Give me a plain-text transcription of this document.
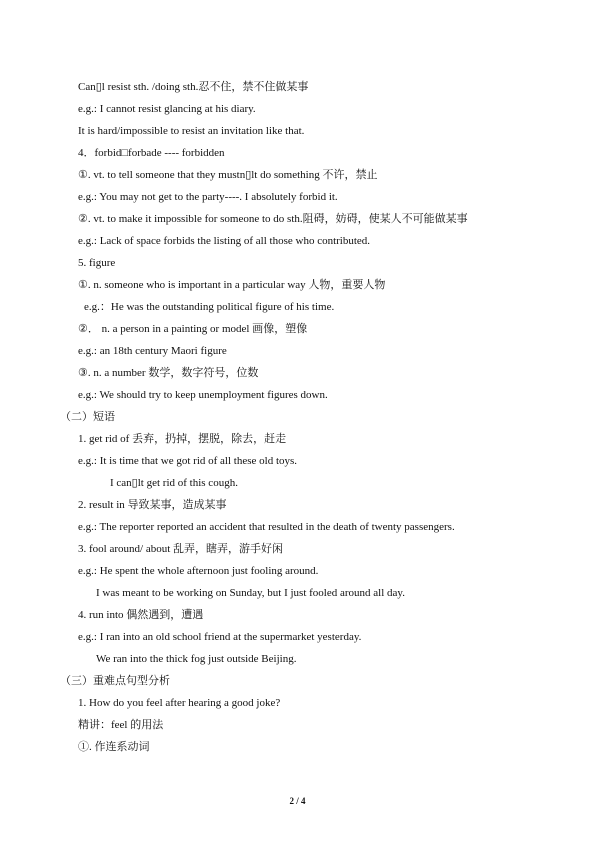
Can▯l resist sth. /doing sth.忍不住，禁不住做某事
e.g.: I cannot resist glancing at his diary.
It is hard/impossible to resist an invitation like that.
4．forbid□forbade ---- forbidden
①. vt. to tell someone that they mustn▯lt do something 不许，禁止
e.g.: You may not get to the party----. I absolutely forbid it.
②. vt. to make it impossible for someone to do sth.阻碍，妨碍，使某人不可能做某事
e.g.: Lack of space forbids the listing of all those who contributed.
5. figure
①. n. someone who is important in a particular way 人物，重要人物
e.g.：He was the outstanding political figure of his time.
②． n. a person in a painting or model 画像，塑像
e.g.: an 18th century Maori figure
③. n. a number 数学，数字符号，位数
e.g.: We should try to keep unemployment figures down.
（二）短语
1. get rid of 丢弃，扔掉，摆脱，除去，赶走
e.g.: It is time that we got rid of all these old toys.
I can▯lt get rid of this cough.
2. result in 导致某事，造成某事
e.g.: The reporter reported an accident that resulted in the death of twenty passengers.
3. fool around/ about 乱弄，瞎弄，游手好闲
e.g.: He spent the whole afternoon just fooling around.
I was meant to be working on Sunday, but I just fooled around all day.
4. run into 偶然遇到，遭遇
e.g.: I ran into an old school friend at the supermarket yesterday.
We ran into the thick fog just outside Beijing.
（三）重难点句型分析
1. How do you feel after hearing a good joke?
精讲：feel 的用法
①. 作连系动词
2 / 4
